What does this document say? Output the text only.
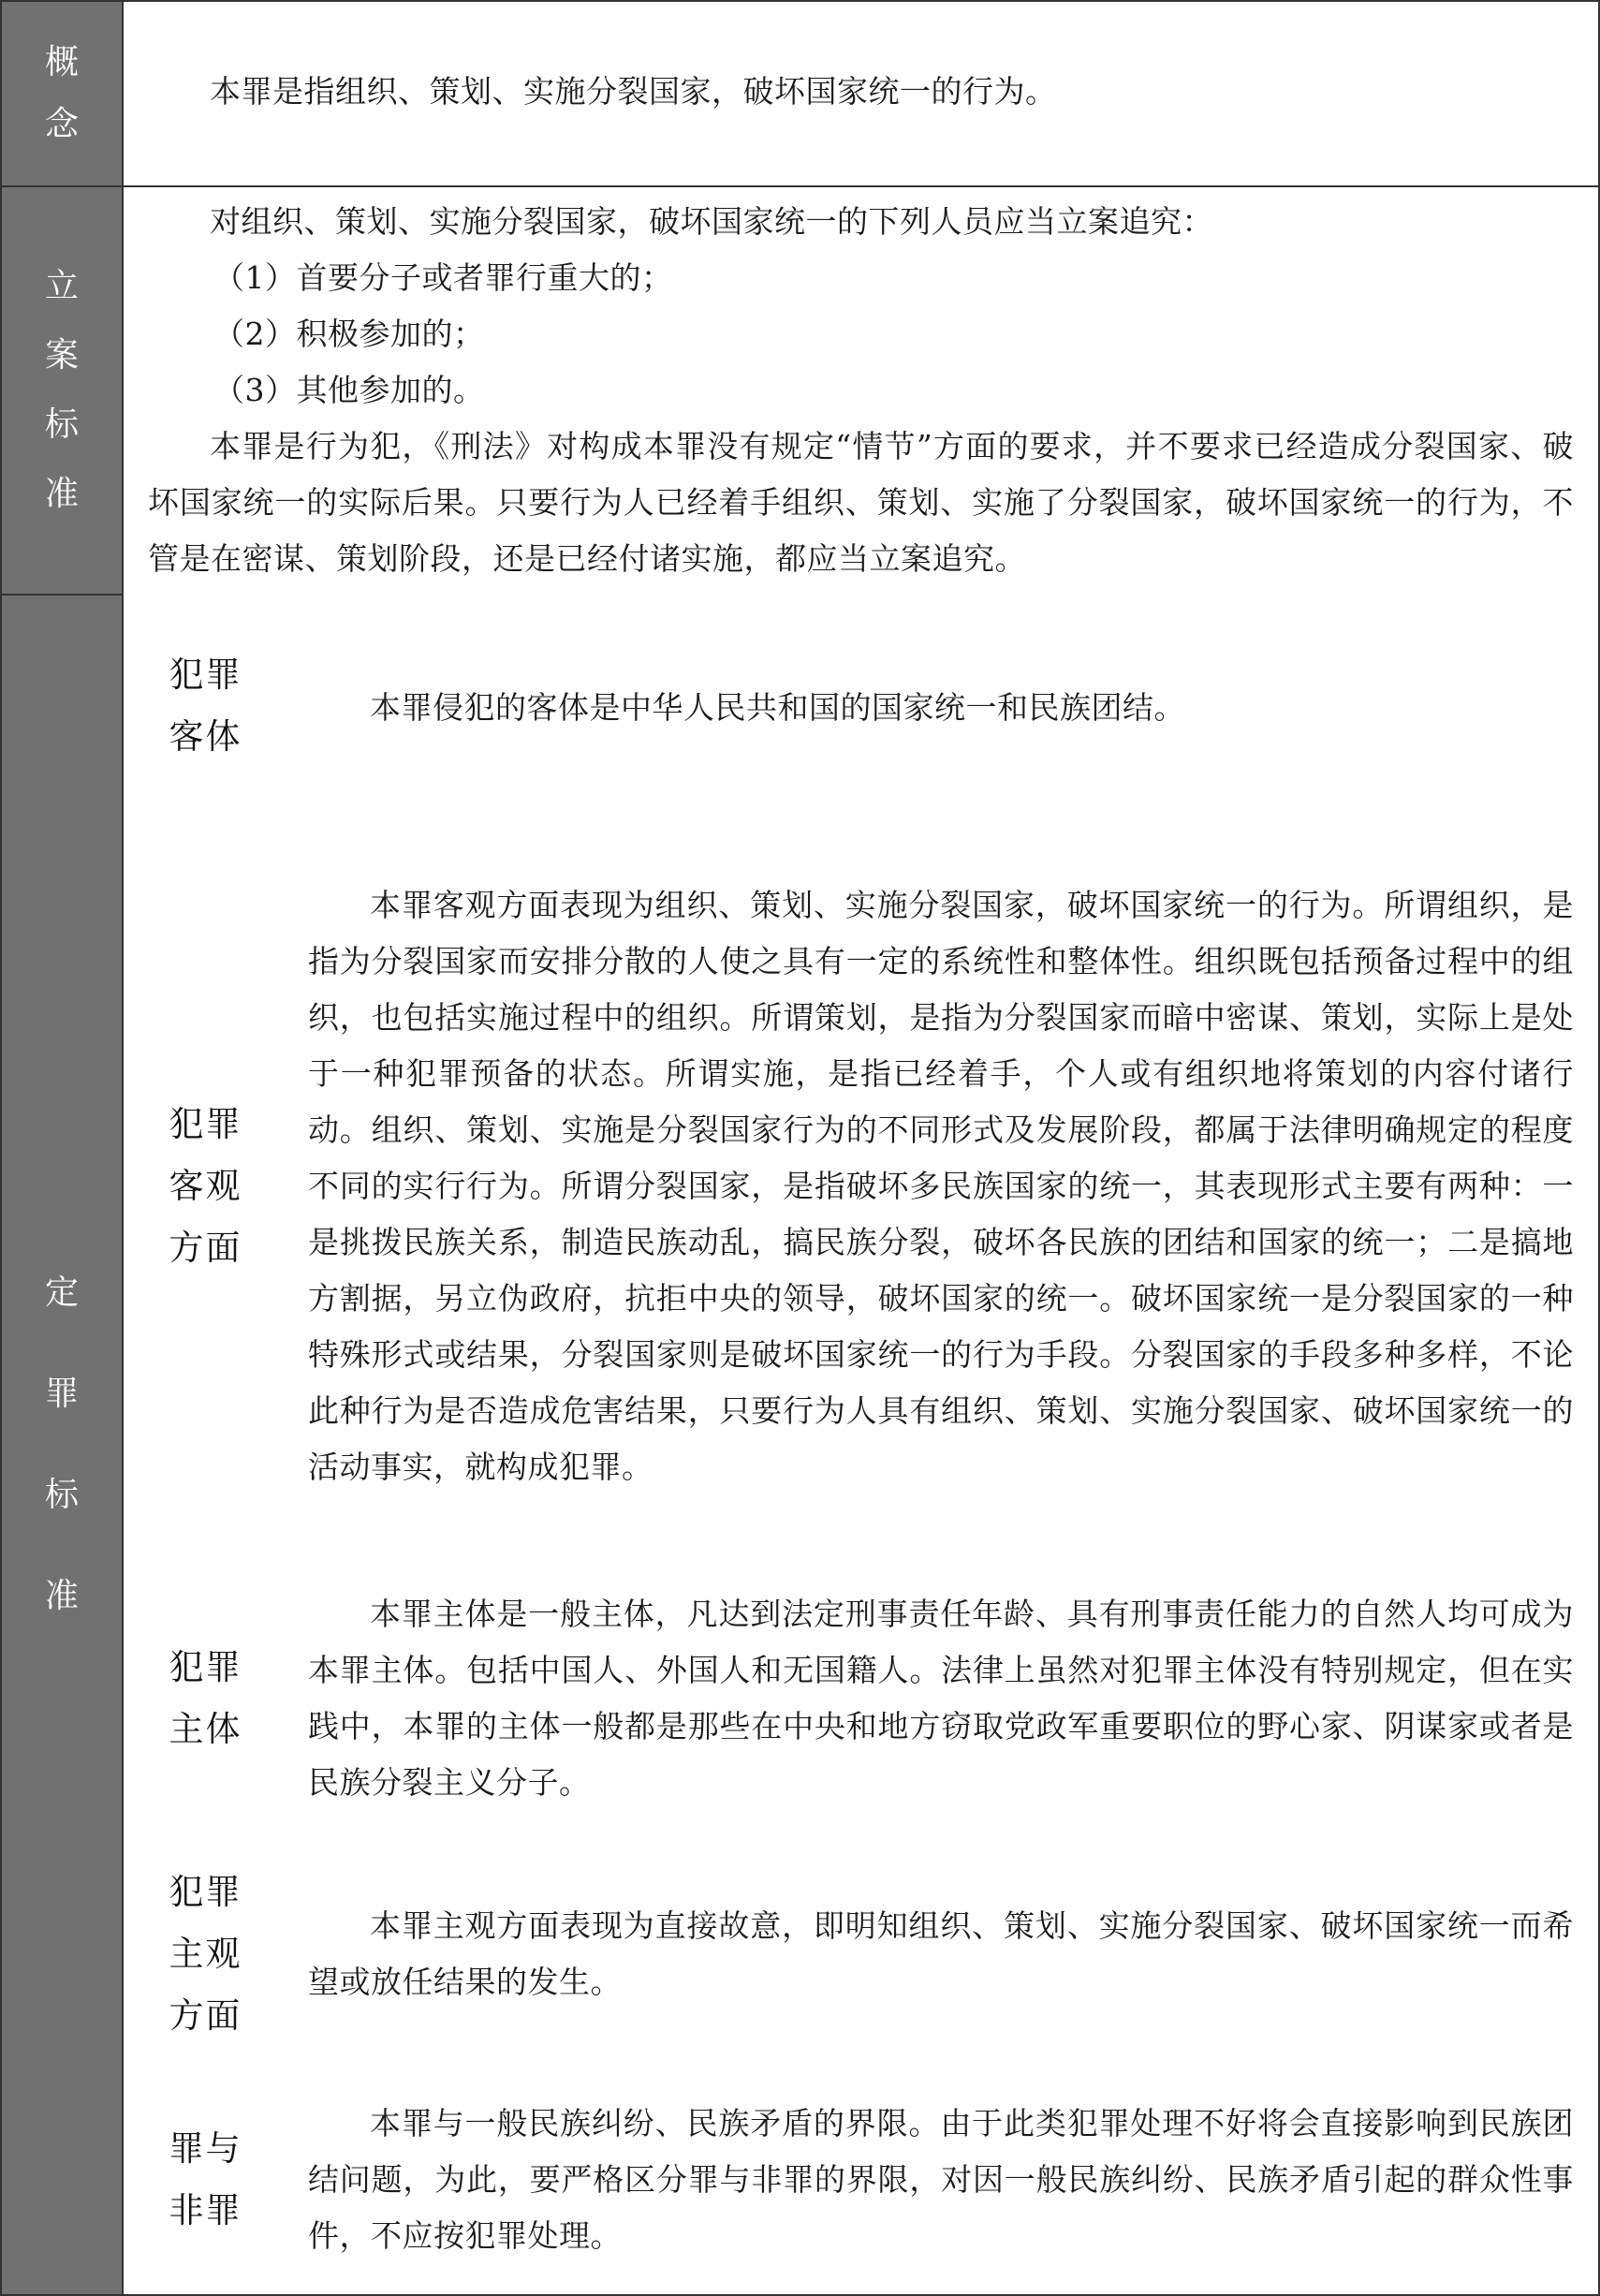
概
念

本罪是指组织、策划、实施分裂国家，破坏国家统一的行为。

立
案
标
准

对组织、策划、实施分裂国家，破坏国家统一的下列人员应当立案追究：

（1）首要分子或者罪行重大的；

（2）积极参加的；

（3）其他参加的。

本罪是行为犯，《刑法》对构成本罪没有规定“情节”方面的要求，并不要求已经造成分裂国家、破坏国家统一的实际后果。只要行为人已经着手组织、策划、实施了分裂国家，破坏国家统一的行为，不管是在密谋、策划阶段，还是已经付诸实施，都应当立案追究。

定
罪
标
准
犯罪
客体

本罪侵犯的客体是中华人民共和国的国家统一和民族团结。

犯罪
客观
方面

本罪客观方面表现为组织、策划、实施分裂国家，破坏国家统一的行为。所谓组织，是指为分裂国家而安排分散的人使之具有一定的系统性和整体性。组织既包括预备过程中的组织，也包括实施过程中的组织。所谓策划，是指为分裂国家而暗中密谋、策划，实际上是处于一种犯罪预备的状态。所谓实施，是指已经着手，个人或有组织地将策划的内容付诸行动。组织、策划、实施是分裂国家行为的不同形式及发展阶段，都属于法律明确规定的程度不同的实行行为。所谓分裂国家，是指破坏多民族国家的统一，其表现形式主要有两种：一是挑拨民族关系，制造民族动乱，搞民族分裂，破坏各民族的团结和国家的统一；二是搞地方割据，另立伪政府，抗拒中央的领导，破坏国家的统一。破坏国家统一是分裂国家的一种特殊形式或结果，分裂国家则是破坏国家统一的行为手段。分裂国家的手段多种多样，不论此种行为是否造成危害结果，只要行为人具有组织、策划、实施分裂国家、破坏国家统一的活动事实，就构成犯罪。

犯罪
主体

本罪主体是一般主体，凡达到法定刑事责任年龄、具有刑事责任能力的自然人均可成为本罪主体。包括中国人、外国人和无国籍人。法律上虽然对犯罪主体没有特别规定，但在实践中，本罪的主体一般都是那些在中央和地方窃取党政军重要职位的野心家、阴谋家或者是民族分裂主义分子。

犯罪
主观
方面

本罪主观方面表现为直接故意，即明知组织、策划、实施分裂国家、破坏国家统一而希望或放任结果的发生。

罪与
非罪

本罪与一般民族纠纷、民族矛盾的界限。由于此类犯罪处理不好将会直接影响到民族团结问题，为此，要严格区分罪与非罪的界限，对因一般民族纠纷、民族矛盾引起的群众性事件，不应按犯罪处理。
